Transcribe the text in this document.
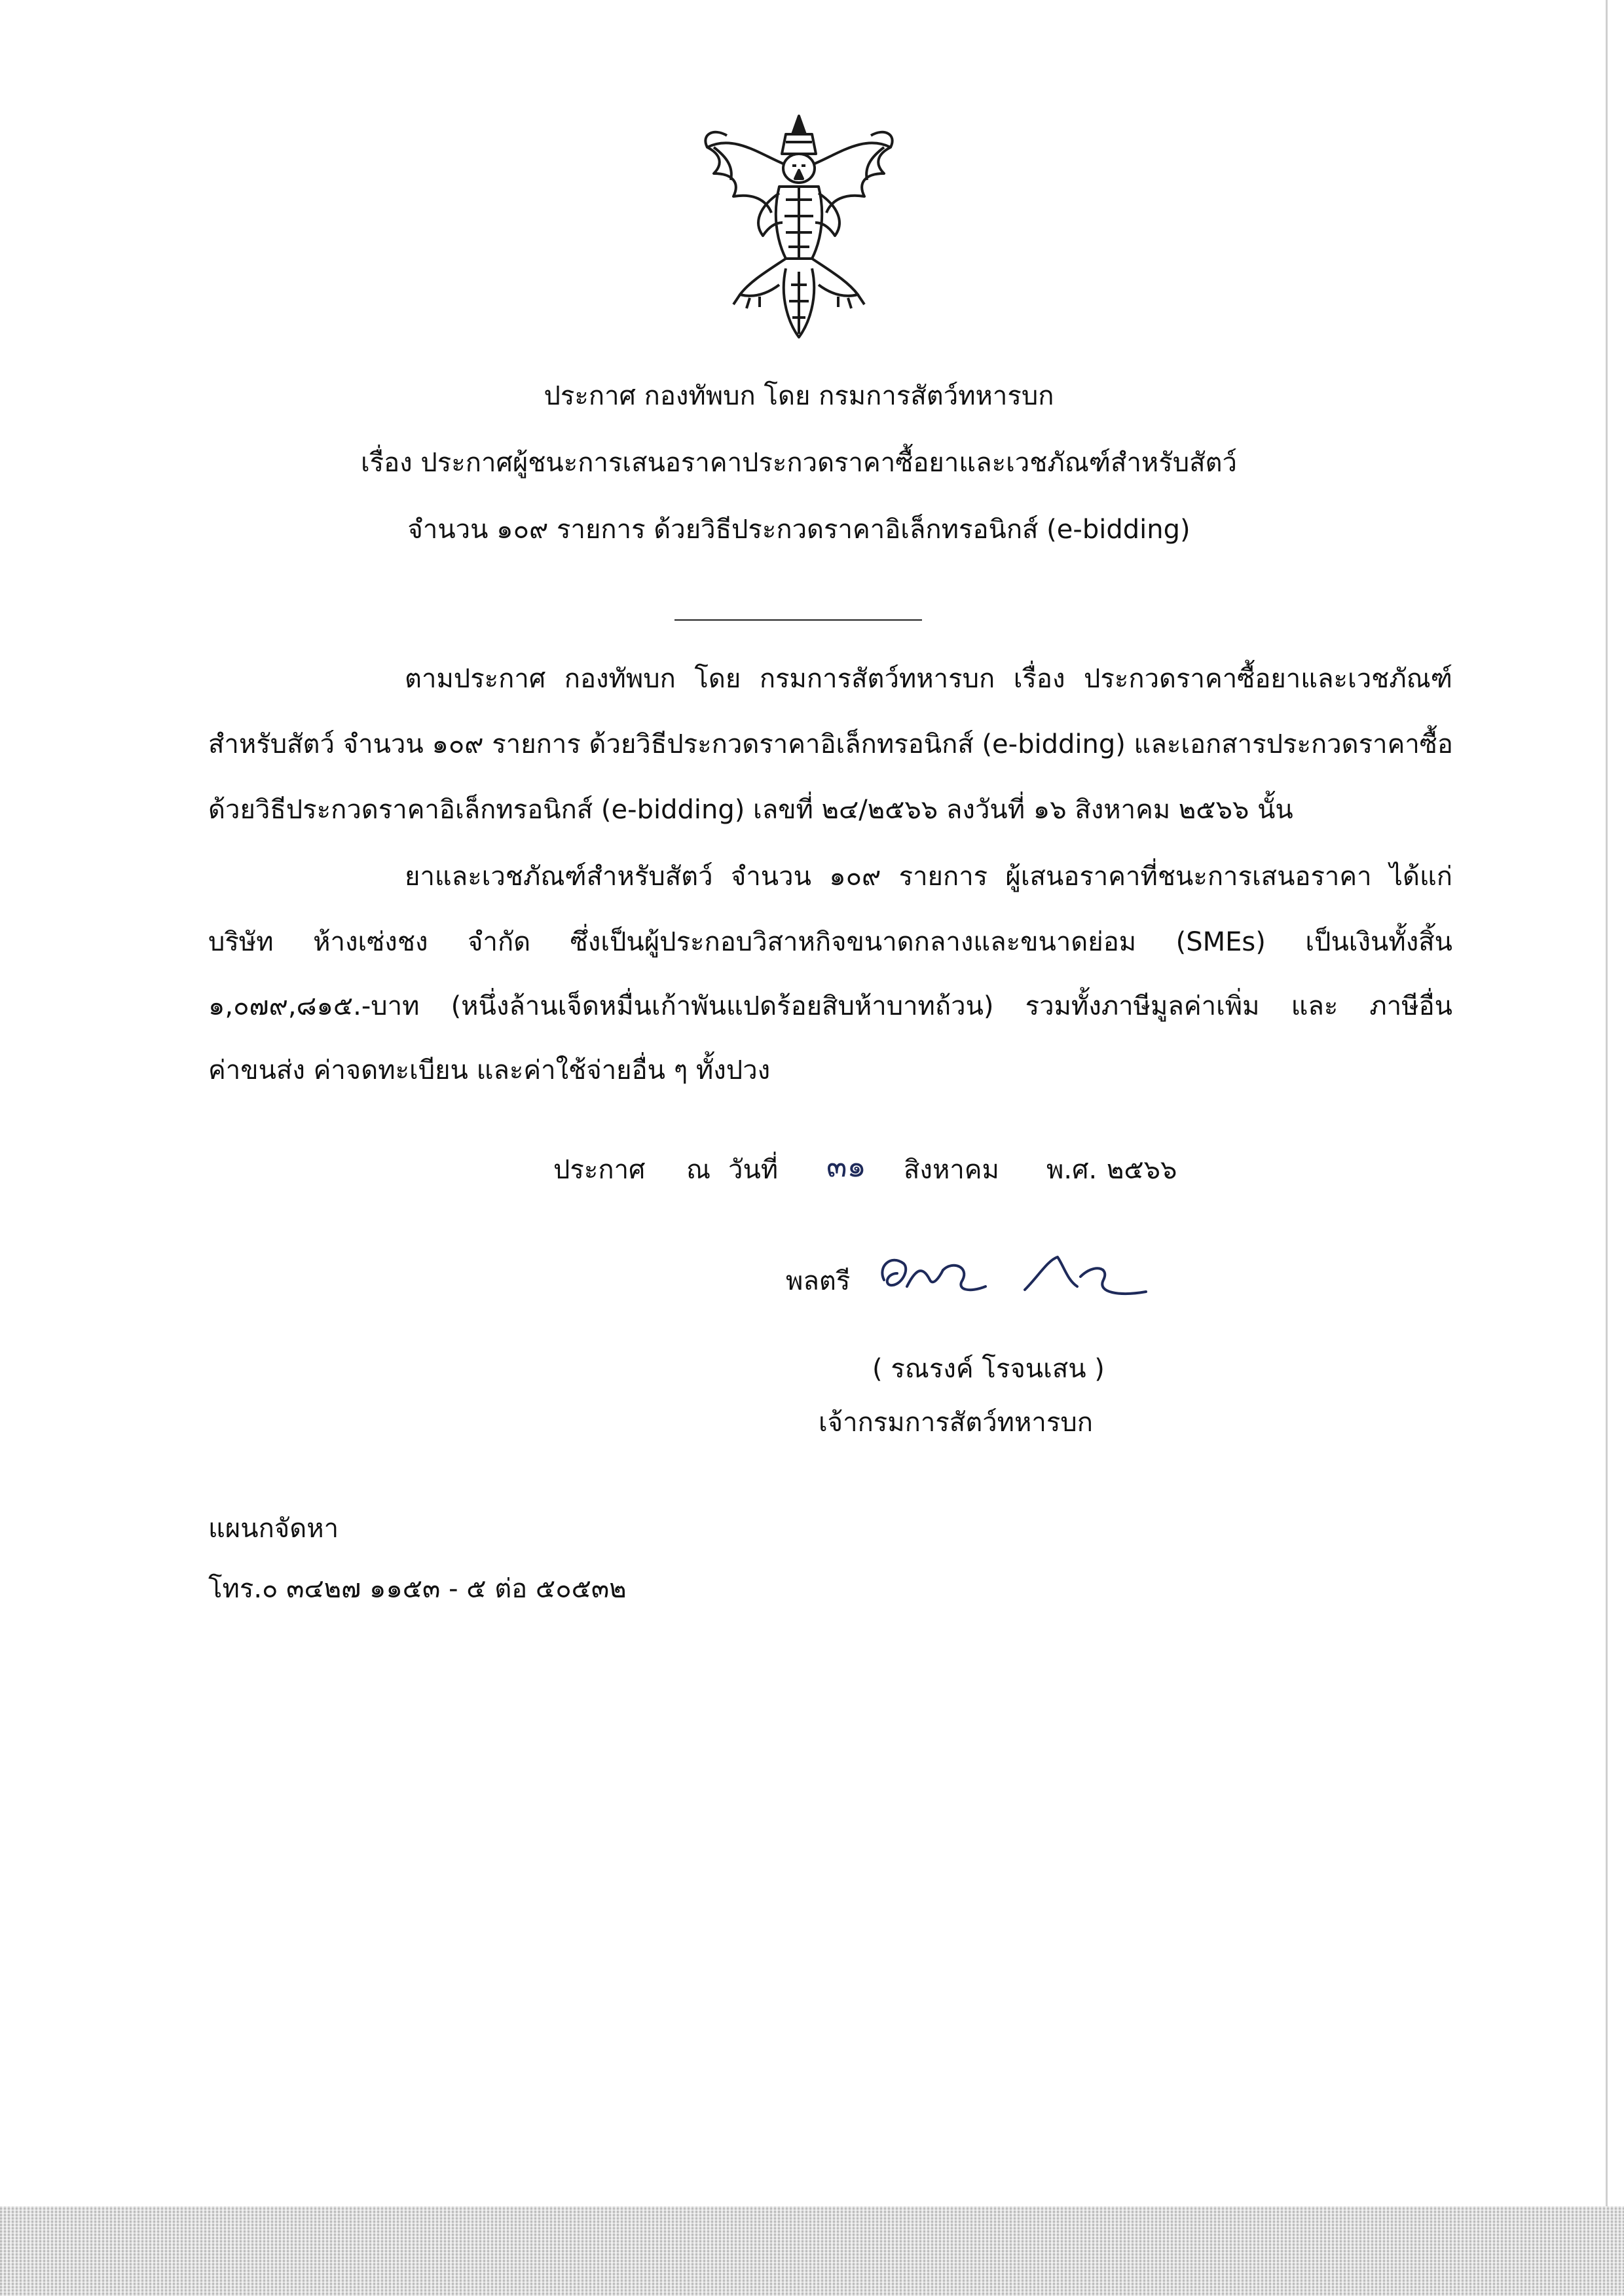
ประกาศ กองทัพบก โดย กรมการสัตว์ทหารบก
เรื่อง ประกาศผู้ชนะการเสนอราคาประกวดราคาซื้อยาและเวชภัณฑ์สำหรับสัตว์
จำนวน ๑๐๙ รายการ ด้วยวิธีประกวดราคาอิเล็กทรอนิกส์ (e-bidding)
ตามประกาศ กองทัพบก โดย กรมการสัตว์ทหารบก เรื่อง ประกวดราคาซื้อยาและเวชภัณฑ์
สำหรับสัตว์ จำนวน ๑๐๙ รายการ ด้วยวิธีประกวดราคาอิเล็กทรอนิกส์ (e-bidding) และเอกสารประกวดราคาซื้อ
ด้วยวิธีประกวดราคาอิเล็กทรอนิกส์ (e-bidding) เลขที่ ๒๔/๒๕๖๖ ลงวันที่ ๑๖ สิงหาคม ๒๕๖๖ นั้น
ยาและเวชภัณฑ์สำหรับสัตว์ จำนวน ๑๐๙ รายการ ผู้เสนอราคาที่ชนะการเสนอราคา ได้แก่
บริษัท ห้างเซ่งชง จำกัด ซึ่งเป็นผู้ประกอบวิสาหกิจขนาดกลางและขนาดย่อม (SMEs) เป็นเงินทั้งสิ้น
๑,๐๗๙,๘๑๕.-บาท (หนึ่งล้านเจ็ดหมื่นเก้าพันแปดร้อยสิบห้าบาทถ้วน) รวมทั้งภาษีมูลค่าเพิ่ม และ ภาษีอื่น
ค่าขนส่ง ค่าจดทะเบียน และค่าใช้จ่ายอื่น ๆ ทั้งปวง
ประกาศ ณ วันที่ ๓๑ สิงหาคม พ.ศ. ๒๕๖๖
พลตรี
( รณรงค์ โรจนเสน )
เจ้ากรมการสัตว์ทหารบก
แผนกจัดหา
โทร.๐ ๓๔๒๗ ๑๑๕๓ - ๕ ต่อ ๕๐๕๓๒
